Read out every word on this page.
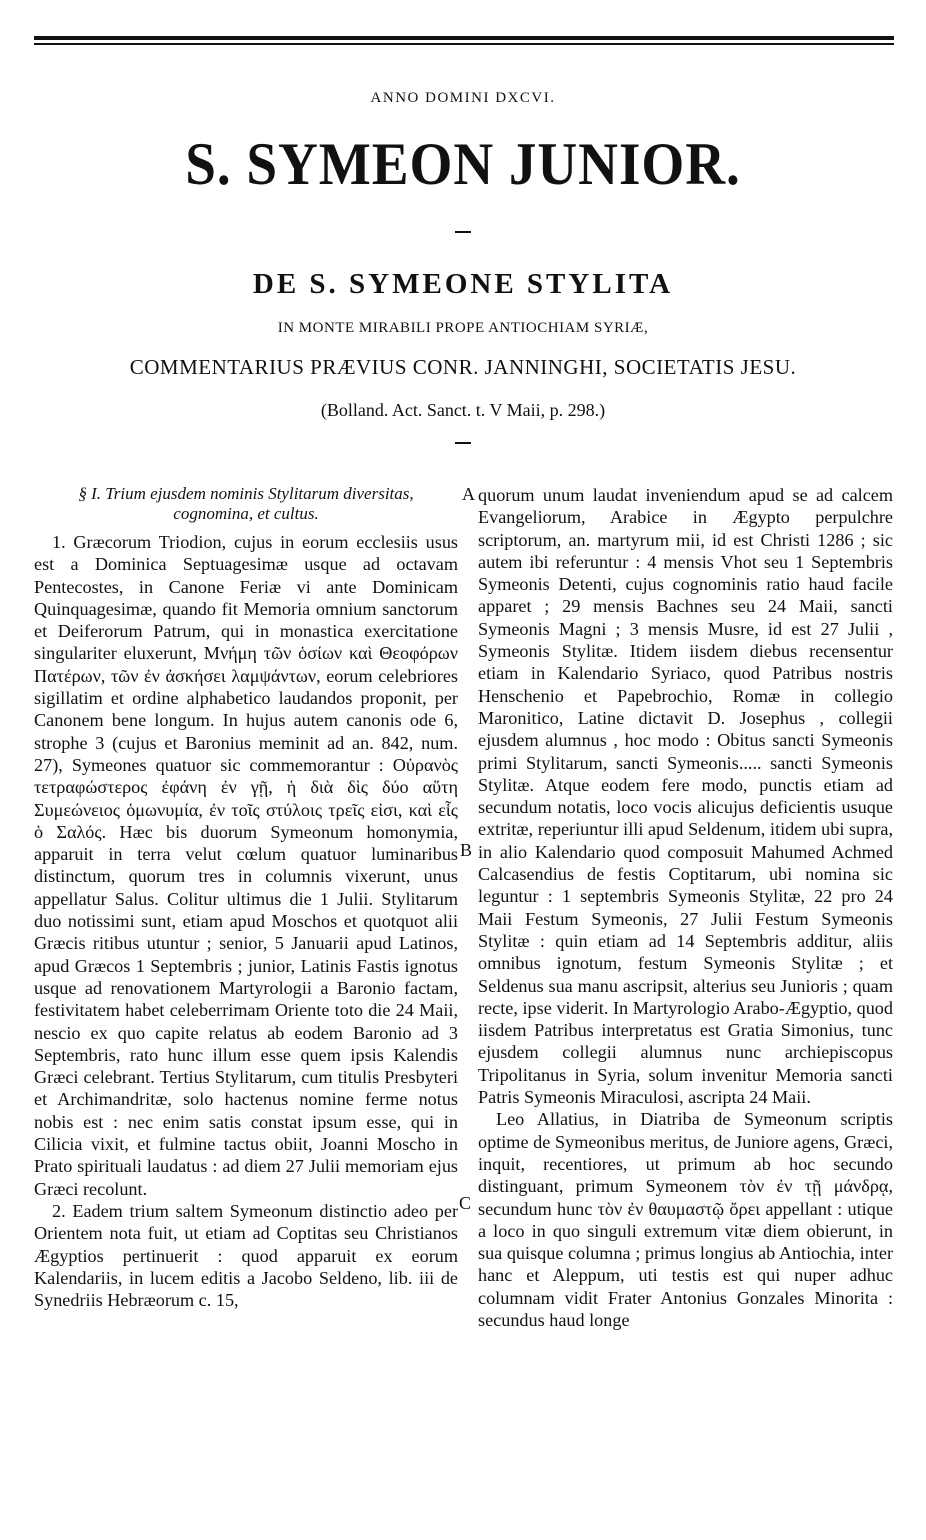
ANNO DOMINI DXCVI.
S. SYMEON JUNIOR.
DE S. SYMEONE STYLITA
IN MONTE MIRABILI PROPE ANTIOCHIAM SYRIÆ,
COMMENTARIUS PRÆVIUS CONR. JANNINGHI, SOCIETATIS JESU.
(Bolland. Act. Sanct. t. V Maii, p. 298.)

§ I. Trium ejusdem nominis Stylitarum diversitas,
cognomina, et cultus.

1. Græcorum Triodion, cujus in eorum ecclesiis usus est a Dominica Septuagesimæ usque ad octavam Pentecostes, in Canone Feriæ vi ante Dominicam Quinquagesimæ, quando fit Memoria omnium sanctorum et Deiferorum Patrum, qui in monastica exercitatione singulariter eluxerunt, Μνήμη τῶν ὁσίων καὶ Θεοφόρων Πατέρων, τῶν ἐν ἀσκήσει λαμψάντων, eorum celebriores sigillatim et ordine alphabetico laudandos proponit, per Canonem bene longum. In hujus autem canonis ode 6, strophe 3 (cujus et Baronius meminit ad an. 842, num. 27), Symeones quatuor sic commemorantur : Οὐρανὸς τετραφώστερος ἐφάνη ἐν γῇ, ἡ διὰ δὶς δύο αὕτη Συμεώνειος ὁμωνυμία, ἐν τοῖς στύλοις τρεῖς εἰσι, καὶ εἷς ὁ Σαλός. Hæc bis duorum Symeonum homonymia, apparuit in terra velut cœlum quatuor luminaribus distinctum, quorum tres in columnis vixerunt, unus appellatur Salus. Colitur ultimus die 1 Julii. Stylitarum duo notissimi sunt, etiam apud Moschos et quotquot alii Græcis ritibus utuntur ; senior, 5 Januarii apud Latinos, apud Græcos 1 Septembris ; junior, Latinis Fastis ignotus usque ad renovationem Martyrologii a Baronio factam, festivitatem habet celeberrimam Oriente toto die 24 Maii, nescio ex quo capite relatus ab eodem Baronio ad 3 Septembris, rato hunc illum esse quem ipsis Kalendis Græci celebrant. Tertius Stylitarum, cum titulis Presbyteri et Archimandritæ, solo hactenus nomine ferme notus nobis est : nec enim satis constat ipsum esse, qui in Cilicia vixit, et fulmine tactus obiit, Joanni Moscho in Prato spirituali laudatus : ad diem 27 Julii memoriam ejus Græci recolunt.

2. Eadem trium saltem Symeonum distinctio adeo per Orientem nota fuit, ut etiam ad Coptitas seu Christianos Ægyptios pertinuerit : quod apparuit ex eorum Kalendariis, in lucem editis a Jacobo Seldeno, lib. iii de Synedriis Hebræorum c. 15,

quorum unum laudat inveniendum apud se ad calcem Evangeliorum, Arabice in Ægypto perpulchre scriptorum, an. martyrum mii, id est Christi 1286 ; sic autem ibi referuntur : 4 mensis Vhot seu 1 Septembris Symeonis Detenti, cujus cognominis ratio haud facile apparet ; 29 mensis Bachnes seu 24 Maii, sancti Symeonis Magni ; 3 mensis Musre, id est 27 Julii , Symeonis Stylitæ. Itidem iisdem diebus recensentur etiam in Kalendario Syriaco, quod Patribus nostris Henschenio et Papebrochio, Romæ in collegio Maronitico, Latine dictavit D. Josephus , collegii ejusdem alumnus , hoc modo : Obitus sancti Symeonis primi Stylitarum, sancti Symeonis..... sancti Symeonis Stylitæ. Atque eodem fere modo, punctis etiam ad secundum notatis, loco vocis alicujus deficientis usuque extritæ, reperiuntur illi apud Seldenum, itidem ubi supra, in alio Kalendario quod composuit Mahumed Achmed Calcasendius de festis Coptitarum, ubi nomina sic leguntur : 1 septembris Symeonis Stylitæ, 22 pro 24 Maii Festum Symeonis, 27 Julii Festum Symeonis Stylitæ : quin etiam ad 14 Septembris additur, aliis omnibus ignotum, festum Symeonis Stylitæ ; et Seldenus sua manu ascripsit, alterius seu Junioris ; quam recte, ipse viderit. In Martyrologio Arabo-Ægyptio, quod iisdem Patribus interpretatus est Gratia Simonius, tunc ejusdem collegii alumnus nunc archiepiscopus Tripolitanus in Syria, solum invenitur Memoria sancti Patris Symeonis Miraculosi, ascripta 24 Maii.

Leo Allatius, in Diatriba de Symeonum scriptis optime de Symeonibus meritus, de Juniore agens, Græci, inquit, recentiores, ut primum ab hoc secundo distinguant, primum Symeonem τὸν ἐν τῇ μάνδρᾳ, secundum hunc τὸν ἐν θαυμαστῷ ὄρει appellant : utique a loco in quo singuli extremum vitæ diem obierunt, in sua quisque columna ; primus longius ab Antiochia, inter hanc et Aleppum, uti testis est qui nuper adhuc columnam vidit Frater Antonius Gonzales Minorita : secundus haud longe

A
B
C
